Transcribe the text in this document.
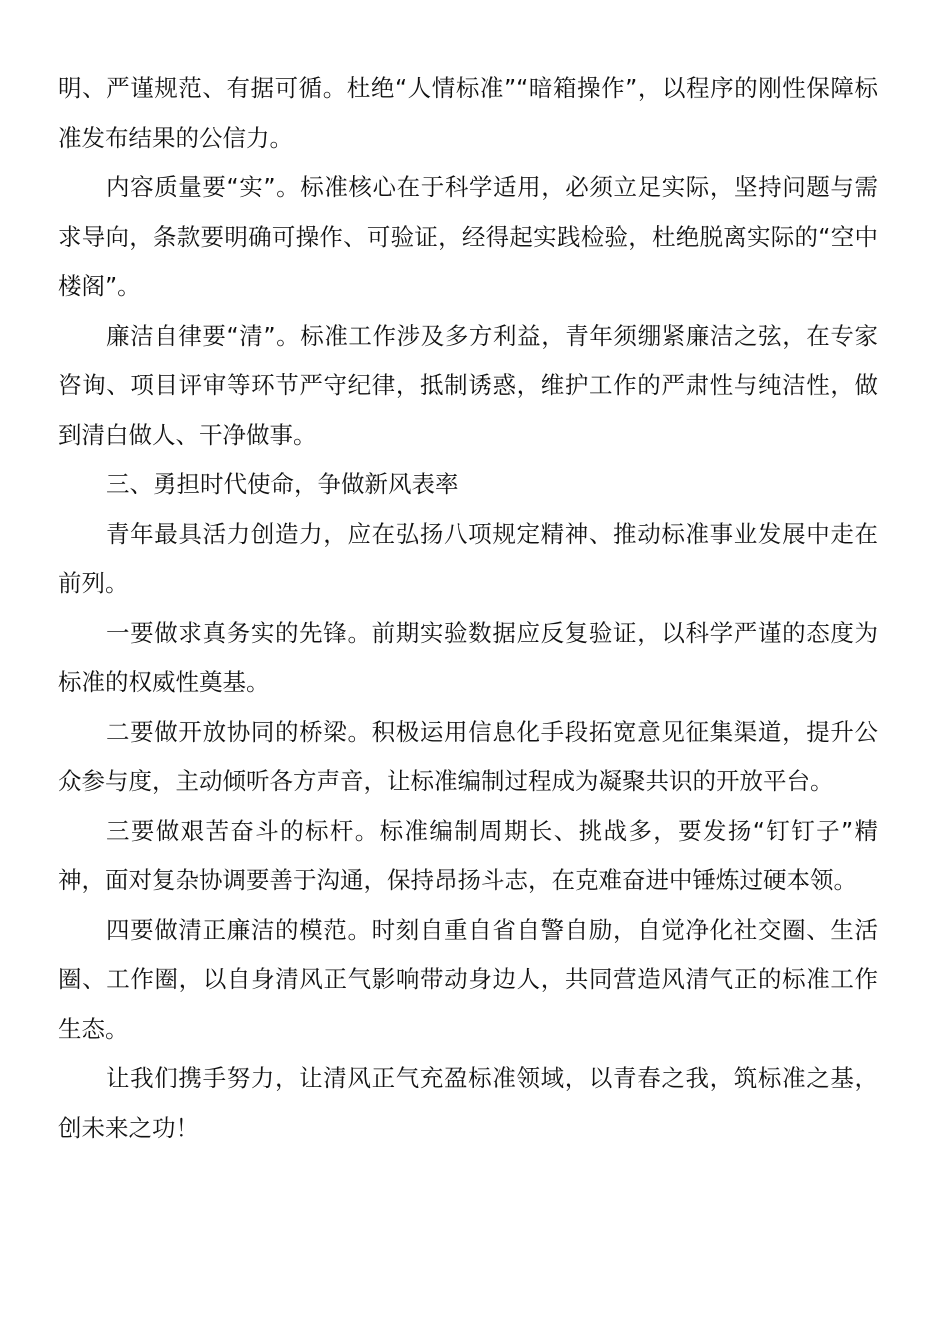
明、严谨规范、有据可循。杜绝“人情标准”“暗箱操作”，以程序的刚性保障标准发布结果的公信力。

内容质量要“实”。标准核心在于科学适用，必须立足实际，坚持问题与需求导向，条款要明确可操作、可验证，经得起实践检验，杜绝脱离实际的“空中楼阁”。

廉洁自律要“清”。标准工作涉及多方利益，青年须绷紧廉洁之弦，在专家咨询、项目评审等环节严守纪律，抵制诱惑，维护工作的严肃性与纯洁性，做到清白做人、干净做事。

三、勇担时代使命，争做新风表率

青年最具活力创造力，应在弘扬八项规定精神、推动标准事业发展中走在前列。

一要做求真务实的先锋。前期实验数据应反复验证，以科学严谨的态度为标准的权威性奠基。

二要做开放协同的桥梁。积极运用信息化手段拓宽意见征集渠道，提升公众参与度，主动倾听各方声音，让标准编制过程成为凝聚共识的开放平台。

三要做艰苦奋斗的标杆。标准编制周期长、挑战多，要发扬“钉钉子”精神，面对复杂协调要善于沟通，保持昂扬斗志，在克难奋进中锤炼过硬本领。

四要做清正廉洁的模范。时刻自重自省自警自励，自觉净化社交圈、生活圈、工作圈，以自身清风正气影响带动身边人，共同营造风清气正的标准工作生态。

让我们携手努力，让清风正气充盈标准领域，以青春之我，筑标准之基，创未来之功！
